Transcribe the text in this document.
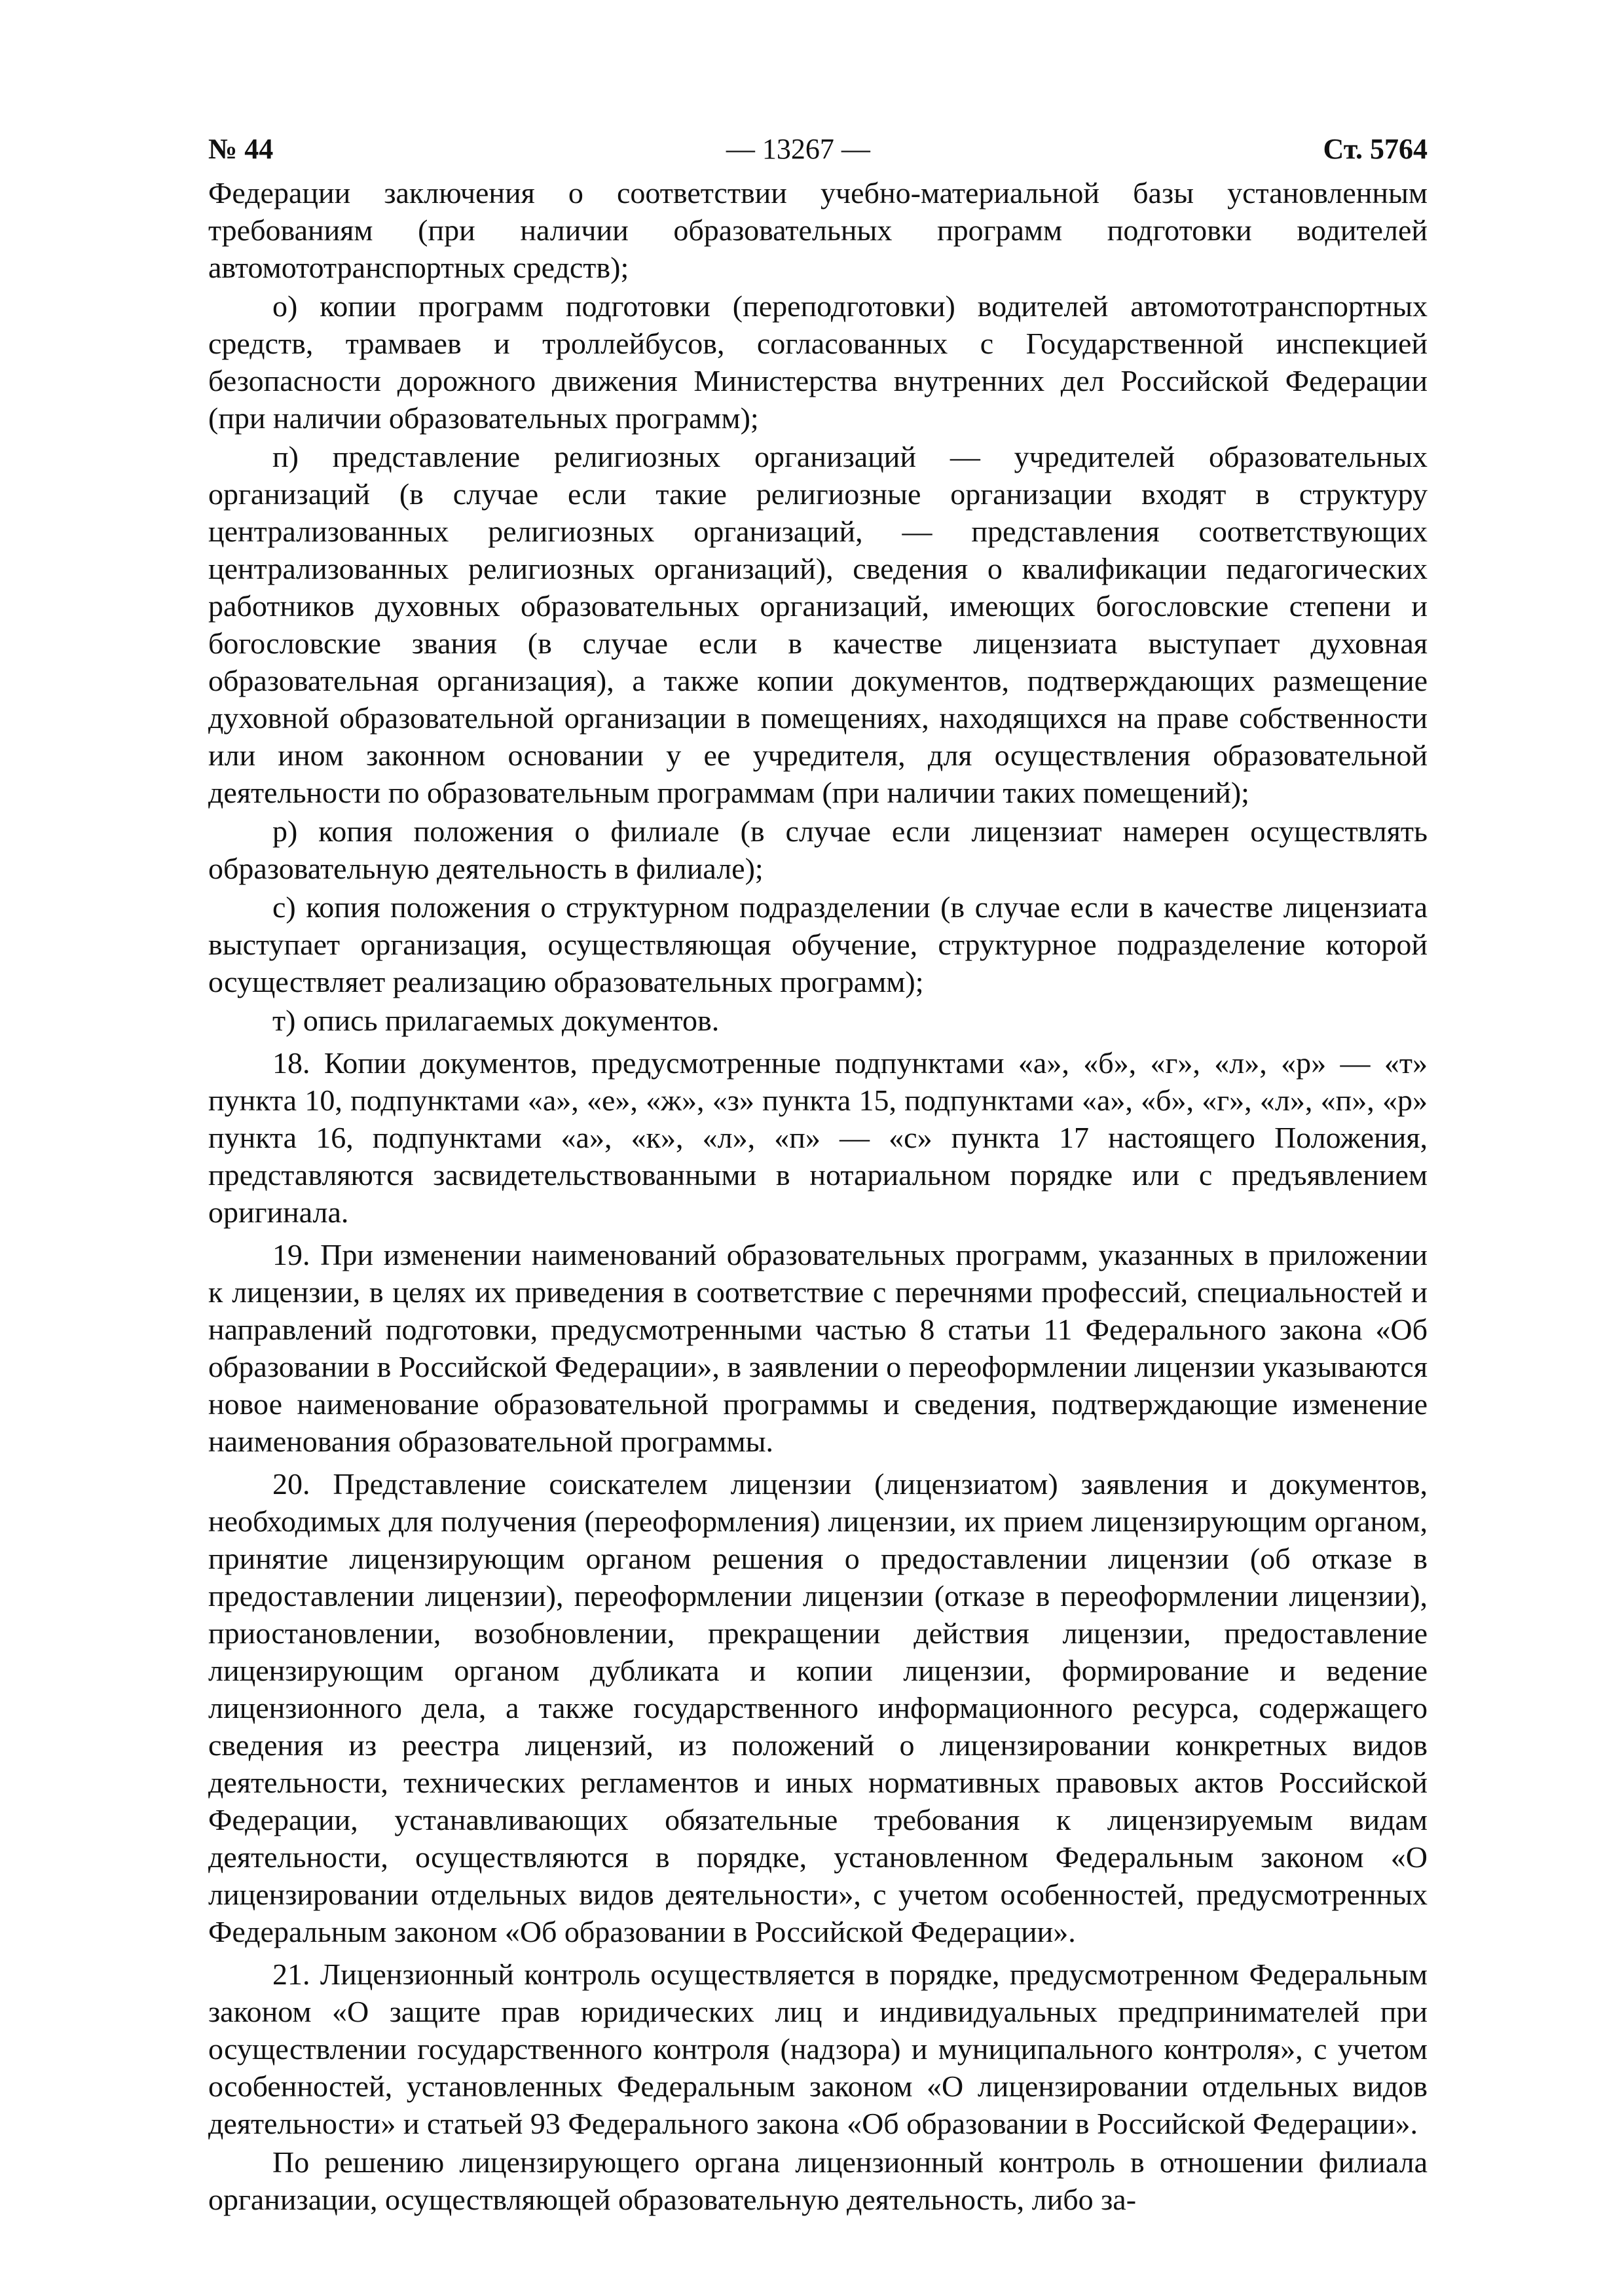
№ 44	— 13267 —	Ст. 5764

Федерации заключения о соответствии учебно-материальной базы установленным требованиям (при наличии образовательных программ подготовки водителей автомототранспортных средств);

о) копии программ подготовки (переподготовки) водителей автомототранспортных средств, трамваев и троллейбусов, согласованных с Государственной инспекцией безопасности дорожного движения Министерства внутренних дел Российской Федерации (при наличии образовательных программ);

п) представление религиозных организаций — учредителей образовательных организаций (в случае если такие религиозные организации входят в структуру централизованных религиозных организаций, — представления соответствующих централизованных религиозных организаций), сведения о квалификации педагогических работников духовных образовательных организаций, имеющих богословские степени и богословские звания (в случае если в качестве лицензиата выступает духовная образовательная организация), а также копии документов, подтверждающих размещение духовной образовательной организации в помещениях, находящихся на праве собственности или ином законном основании у ее учредителя, для осуществления образовательной деятельности по образовательным программам (при наличии таких помещений);

р) копия положения о филиале (в случае если лицензиат намерен осуществлять образовательную деятельность в филиале);

с) копия положения о структурном подразделении (в случае если в качестве лицензиата выступает организация, осуществляющая обучение, структурное подразделение которой осуществляет реализацию образовательных программ);

т) опись прилагаемых документов.

18. Копии документов, предусмотренные подпунктами «а», «б», «г», «л», «р» — «т» пункта 10, подпунктами «а», «е», «ж», «з» пункта 15, подпунктами «а», «б», «г», «л», «п», «р» пункта 16, подпунктами «а», «к», «л», «п» — «с» пункта 17 настоящего Положения, представляются засвидетельствованными в нотариальном порядке или с предъявлением оригинала.

19. При изменении наименований образовательных программ, указанных в приложении к лицензии, в целях их приведения в соответствие с перечнями профессий, специальностей и направлений подготовки, предусмотренными частью 8 статьи 11 Федерального закона «Об образовании в Российской Федерации», в заявлении о переоформлении лицензии указываются новое наименование образовательной программы и сведения, подтверждающие изменение наименования образовательной программы.

20. Представление соискателем лицензии (лицензиатом) заявления и документов, необходимых для получения (переоформления) лицензии, их прием лицензирующим органом, принятие лицензирующим органом решения о предоставлении лицензии (об отказе в предоставлении лицензии), переоформлении лицензии (отказе в переоформлении лицензии), приостановлении, возобновлении, прекращении действия лицензии, предоставление лицензирующим органом дубликата и копии лицензии, формирование и ведение лицензионного дела, а также государственного информационного ресурса, содержащего сведения из реестра лицензий, из положений о лицензировании конкретных видов деятельности, технических регламентов и иных нормативных правовых актов Российской Федерации, устанавливающих обязательные требования к лицензируемым видам деятельности, осуществляются в порядке, установленном Федеральным законом «О лицензировании отдельных видов деятельности», с учетом особенностей, предусмотренных Федеральным законом «Об образовании в Российской Федерации».

21. Лицензионный контроль осуществляется в порядке, предусмотренном Федеральным законом «О защите прав юридических лиц и индивидуальных предпринимателей при осуществлении государственного контроля (надзора) и муниципального контроля», с учетом особенностей, установленных Федеральным законом «О лицензировании отдельных видов деятельности» и статьей 93 Федерального закона «Об образовании в Российской Федерации».

По решению лицензирующего органа лицензионный контроль в отношении филиала организации, осуществляющей образовательную деятельность, либо за-
